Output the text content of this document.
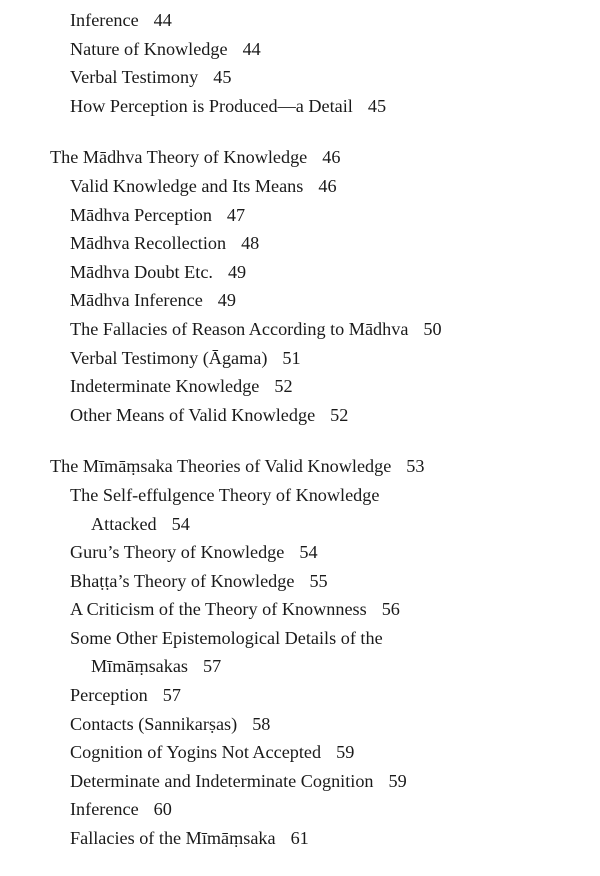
Inference 44
Nature of Knowledge 44
Verbal Testimony 45
How Perception is Produced—a Detail 45
The Mādhva Theory of Knowledge 46
Valid Knowledge and Its Means 46
Mādhva Perception 47
Mādhva Recollection 48
Mādhva Doubt Etc. 49
Mādhva Inference 49
The Fallacies of Reason According to Mādhva 50
Verbal Testimony (Āgama) 51
Indeterminate Knowledge 52
Other Means of Valid Knowledge 52
The Mīmāṃsaka Theories of Valid Knowledge 53
The Self-effulgence Theory of Knowledge
Attacked 54
Guru’s Theory of Knowledge 54
Bhaṭṭa’s Theory of Knowledge 55
A Criticism of the Theory of Knownness 56
Some Other Epistemological Details of the
Mīmāṃsakas 57
Perception 57
Contacts (Sannikarṣas) 58
Cognition of Yogins Not Accepted 59
Determinate and Indeterminate Cognition 59
Inference 60
Fallacies of the Mīmāṃsaka 61
